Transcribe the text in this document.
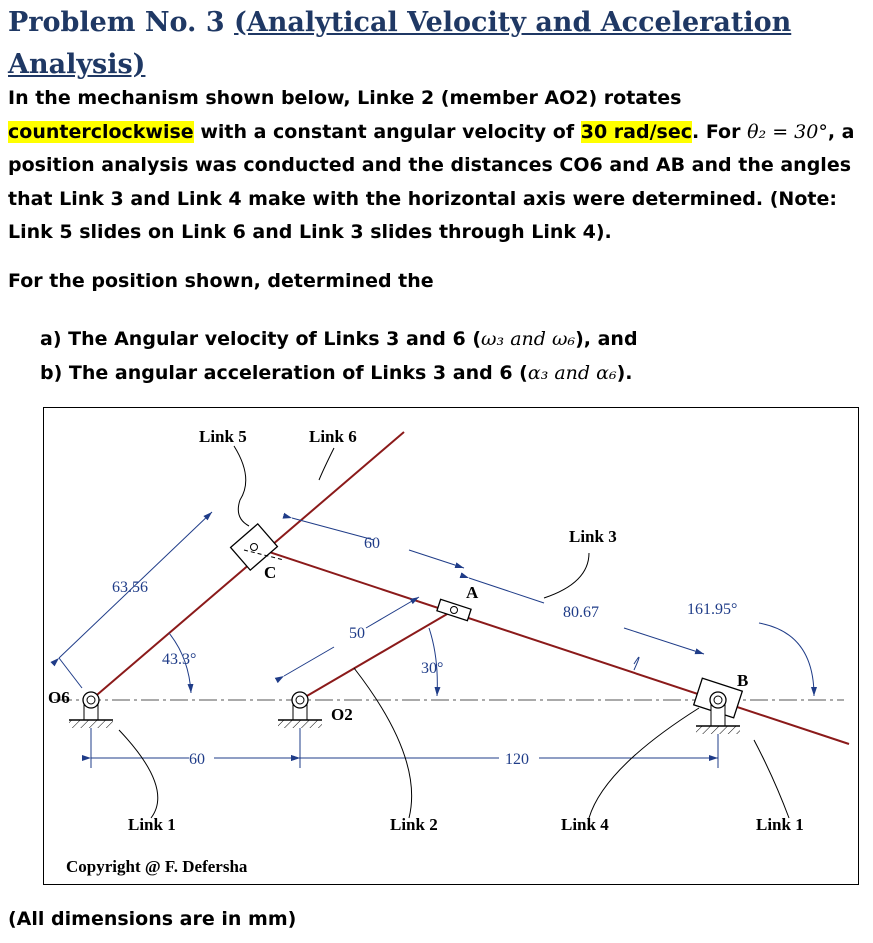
Problem No. 3 (Analytical Velocity and Acceleration Analysis)

In the mechanism shown below, Linke 2 (member AO2) rotates counterclockwise with a constant angular velocity of 30 rad/sec. For θ₂ = 30°, a position analysis was conducted and the distances CO6 and AB and the angles that Link 3 and Link 4 make with the horizontal axis were determined. (Note: Link 5 slides on Link 6 and Link 3 slides through Link 4).

For the position shown, determined the

a) The Angular velocity of Links 3 and 6 (ω₃ and ω₆), and
b) The angular acceleration of Links 3 and 6 (α₃ and α₆).
Link 5	Link 6
Link 3
C
A
B
O6
O2
Link 1	Link 2	Link 4	Link 1
Copyright @ F. Defersha
63.56
43.3°
60
50
30°
80.67	161.95°
60	120

(All dimensions are in mm)
